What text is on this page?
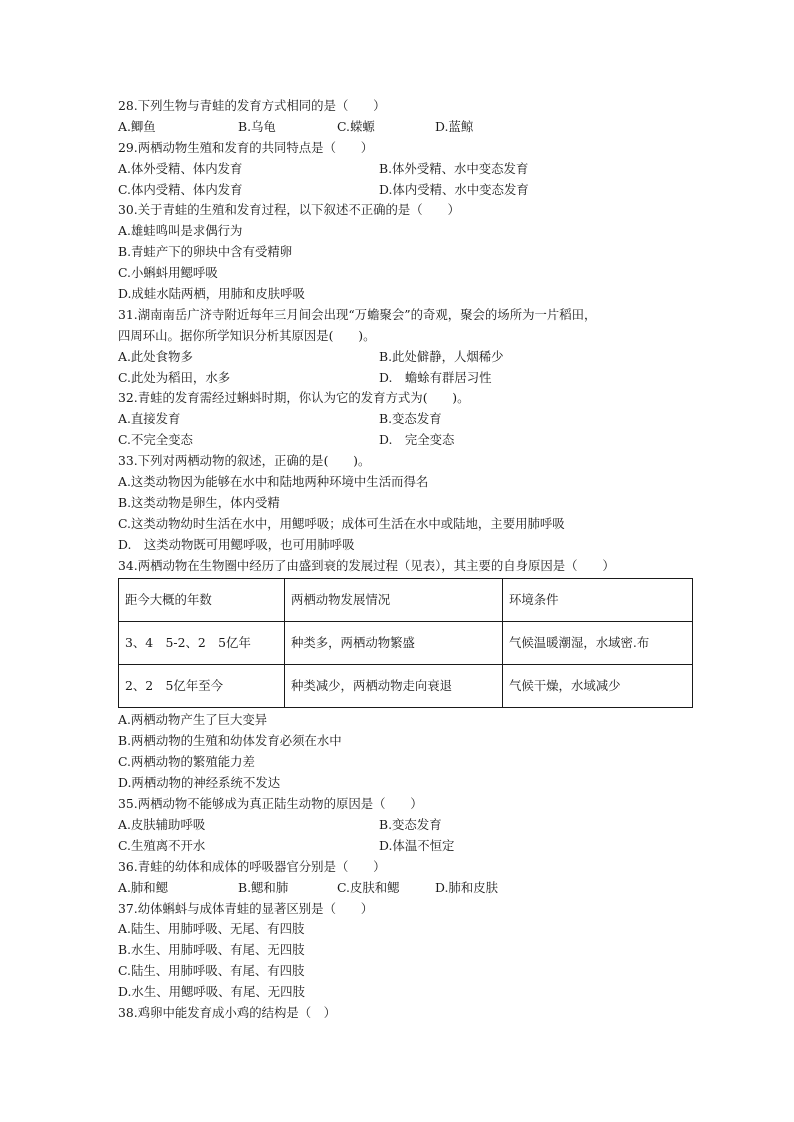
28.下列生物与青蛙的发育方式相同的是（　　）
A.鲫鱼	B.乌龟	C.蝾螈	D.蓝鲸
29.两栖动物生殖和发育的共同特点是（　　）
A.体外受精、体内发育	B.体外受精、水中变态发育
C.体内受精、体内发育	D.体内受精、水中变态发育
30.关于青蛙的生殖和发育过程，以下叙述不正确的是（　　）
A.雄蛙鸣叫是求偶行为
B.青蛙产下的卵块中含有受精卵
C.小蝌蚪用鳃呼吸
D.成蛙水陆两栖，用肺和皮肤呼吸
31.湖南南岳广济寺附近每年三月间会出现“万蟾聚会”的奇观，聚会的场所为一片稻田，
四周环山。据你所学知识分析其原因是(　　)。
A.此处食物多	B.此处僻静，人烟稀少
C.此处为稻田，水多	D.　蟾蜍有群居习性
32.青蛙的发育需经过蝌蚪时期，你认为它的发育方式为(　　)。
A.直接发育	B.变态发育
C.不完全变态	D.　完全变态
33.下列对两栖动物的叙述，正确的是(　　)。
A.这类动物因为能够在水中和陆地两种环境中生活而得名
B.这类动物是卵生，体内受精
C.这类动物幼时生活在水中，用鳃呼吸；成体可生活在水中或陆地，主要用肺呼吸
D.　这类动物既可用鳃呼吸，也可用肺呼吸
34.两栖动物在生物圈中经历了由盛到衰的发展过程（见表），其主要的自身原因是（　　）
距今大概的年数	两栖动物发展情况	环境条件
3、4　5-2、2　5亿年	种类多，两栖动物繁盛	气候温暖潮湿，水域密.布
2、2　5亿年至今	种类减少，两栖动物走向衰退	气候干燥，水域减少
A.两栖动物产生了巨大变异
B.两栖动物的生殖和幼体发育必须在水中
C.两栖动物的繁殖能力差
D.两栖动物的神经系统不发达
35.两栖动物不能够成为真正陆生动物的原因是（　　）
A.皮肤辅助呼吸	B.变态发育
C.生殖离不开水	D.体温不恒定
36.青蛙的幼体和成体的呼吸器官分别是（　　）
A.肺和鳃	B.鳃和肺	C.皮肤和鳃	D.肺和皮肤
37.幼体蝌蚪与成体青蛙的显著区别是（　　）
A.陆生、用肺呼吸、无尾、有四肢
B.水生、用肺呼吸、有尾、无四肢
C.陆生、用肺呼吸、有尾、有四肢
D.水生、用鳃呼吸、有尾、无四肢
38.鸡卵中能发育成小鸡的结构是（　）
